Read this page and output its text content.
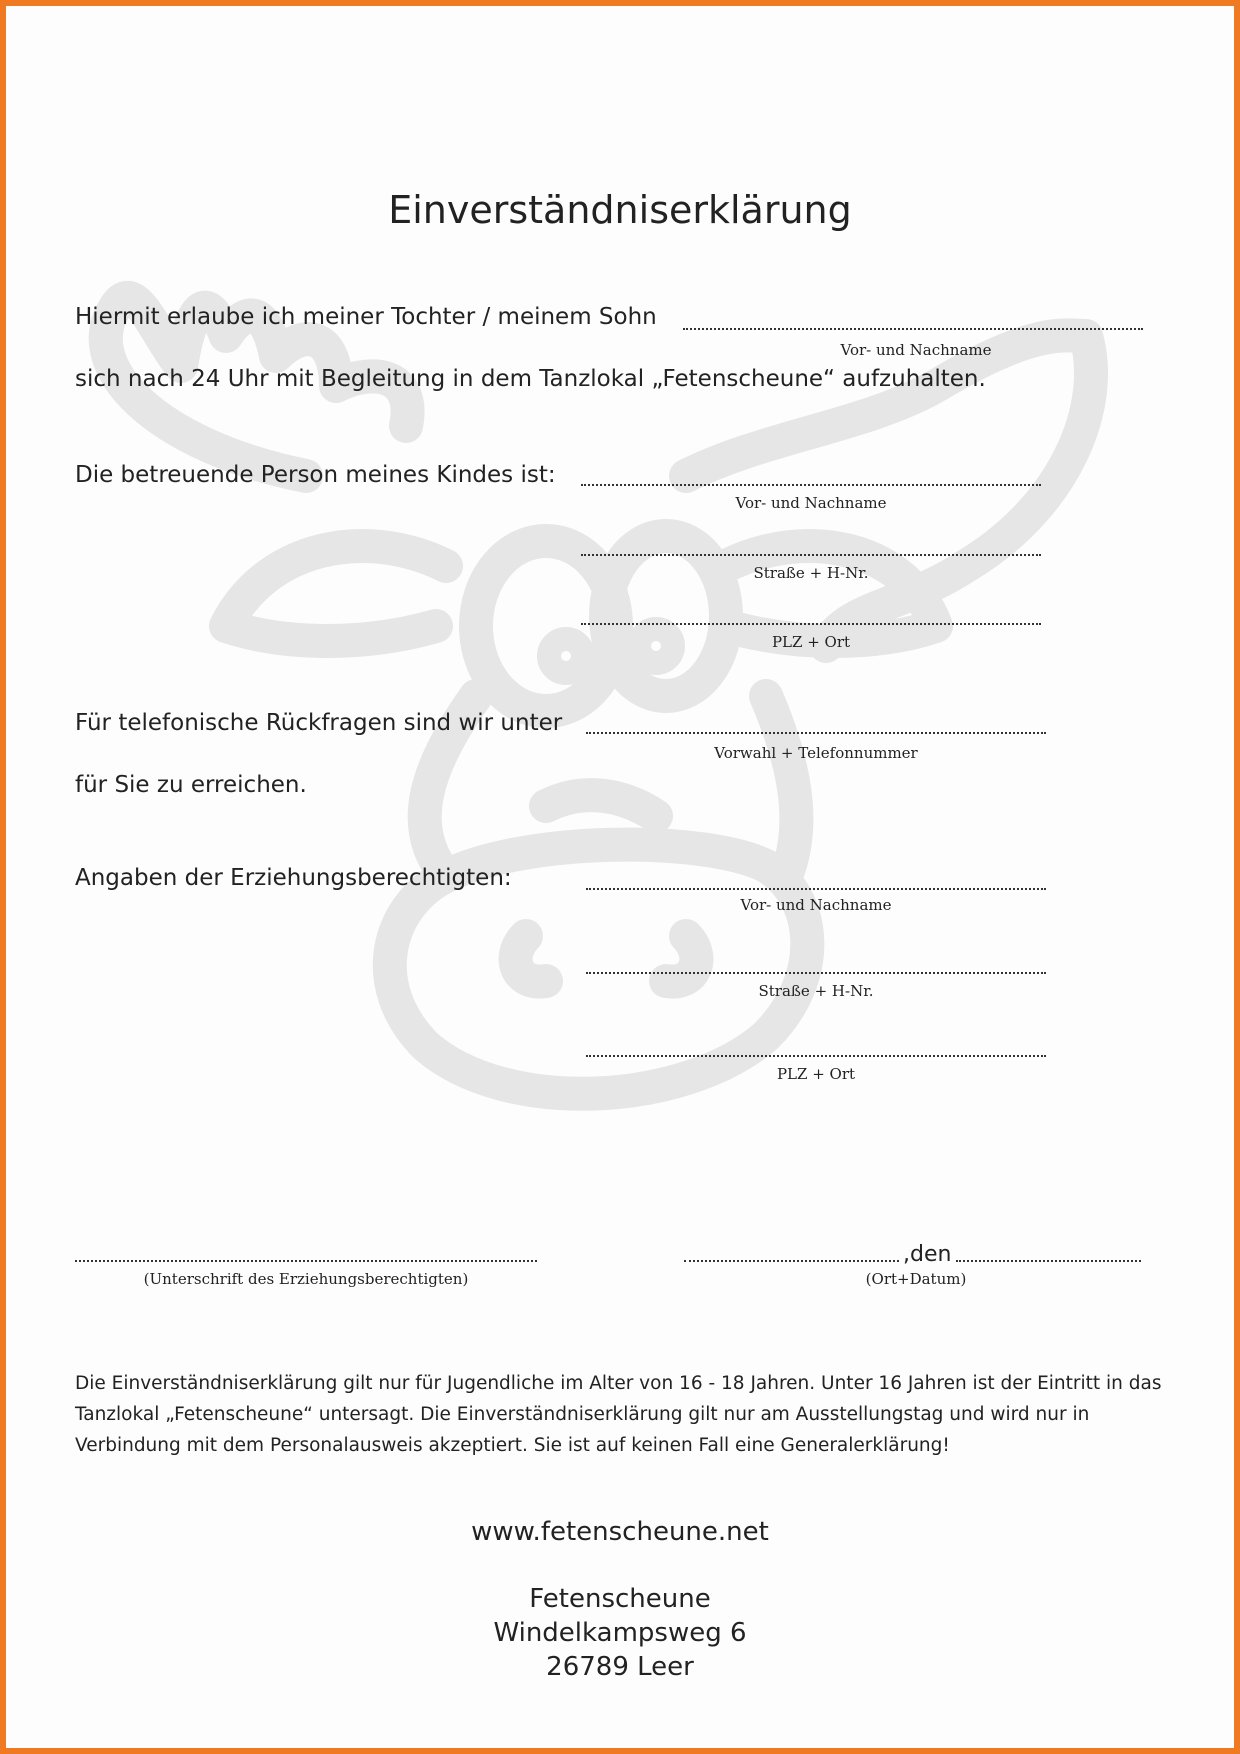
Einverständniserklärung
Hiermit erlaube ich meiner Tochter / meinem Sohn
Vor- und Nachname
sich nach 24 Uhr mit Begleitung in dem Tanzlokal „Fetenscheune“ aufzuhalten.
Die betreuende Person meines Kindes ist:
Vor- und Nachname
Straße + H-Nr.
PLZ + Ort
Für telefonische Rückfragen sind wir unter
Vorwahl + Telefonnummer
für Sie zu erreichen.
Angaben der Erziehungsberechtigten:
Vor- und Nachname
Straße + H-Nr.
PLZ + Ort
(Unterschrift des Erziehungsberechtigten)
,den
(Ort+Datum)
Die Einverständniserklärung gilt nur für Jugendliche im Alter von 16 - 18 Jahren. Unter 16 Jahren ist der Eintritt in das Tanzlokal „Fetenscheune“ untersagt. Die Einverständniserklärung gilt nur am Ausstellungstag und wird nur in Verbindung mit dem Personalausweis akzeptiert. Sie ist auf keinen Fall eine Generalerklärung!
www.fetenscheune.net
Fetenscheune
Windelkampsweg 6
26789 Leer
